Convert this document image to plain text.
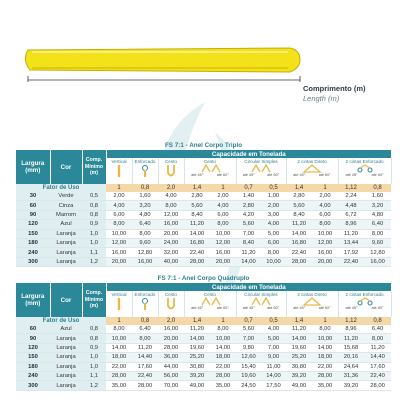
Comprimento (m)
Length (m)
FS 7:1 - Anel Corpo Triplo
Largura (mm)	Cor	Comp. Mínimo (m)	Capacidade em Tonelada										

			Vertical	Enforcado	Cesto	Cesto
até 45° até 60°		Circular Simples
até 45° até 60°		2 cintas Direto
até 45° até 60°		2 cintas Enforcado
até 45° até 60°	

Fator de Uso			1	0,8	2,0	1,4	1	0,7	0,5	1,4	1	1,12	0,8
30	Verde	0,5	2,00	1,60	4,00	2,80	2,00	1,40	1,00	2,80	2,00	2,24	1,60
60	Cinza	0,8	4,00	3,20	8,00	5,60	4,00	2,80	2,00	5,60	4,00	4,48	3,20
90	Marrom	0,8	6,00	4,80	12,00	8,40	6,00	4,20	3,00	8,40	6,00	6,72	4,80
120	Azul	0,9	8,00	6,40	16,00	11,20	8,00	5,60	4,00	11,20	8,00	8,96	6,40
150	Laranja	1,0	10,00	8,00	20,00	14,00	10,00	7,00	5,00	14,00	10,00	11,20	8,00
180	Laranja	1,0	12,00	9,60	24,00	16,80	12,00	8,40	6,00	16,80	12,00	13,44	9,60
240	Laranja	1,1	16,00	12,80	32,00	22,40	16,00	11,20	8,00	22,40	16,00	17,92	12,80
300	Laranja	1,2	20,00	16,00	40,00	28,00	20,00	14,00	10,00	28,00	20,00	22,40	16,00
FS 7:1 - Anel Corpo Quádruplo
Largura (mm)	Cor	Comp. Mínimo (m)	Capacidade em Tonelada										

			Vertical	Enforcado	Cesto	Cesto
até 45° até 60°		Circular Simples
até 45° até 60°		2 cintas Direto
até 45° até 60°		2 cintas Enforcado
até 45° até 60°	

Fator de Uso			1	0,8	2,0	1,4	1	0,7	0,5	1,4	1	1,12	0,8
60	Azul	0,8	8,00	6,40	16,00	11,20	8,00	5,60	4,00	11,20	8,00	8,96	6,40
90	Laranja	0,8	10,00	8,00	20,00	14,00	10,00	7,00	5,00	14,00	10,00	11,20	8,00
120	Laranja	0,9	14,00	11,20	28,00	19,60	14,00	9,80	7,00	19,60	14,00	15,68	11,20
150	Laranja	1,0	18,00	14,40	36,00	25,20	18,00	12,60	9,00	25,20	18,00	20,16	14,40
180	Laranja	1,0	22,00	17,60	44,00	30,80	22,00	15,40	11,00	30,80	22,00	24,64	17,60
240	Laranja	1,1	28,00	22,40	56,00	39,20	28,00	19,60	14,00	39,20	28,00	31,36	22,40
300	Laranja	1,2	35,00	28,00	70,00	49,00	35,00	24,50	17,50	49,00	35,00	39,20	28,00
